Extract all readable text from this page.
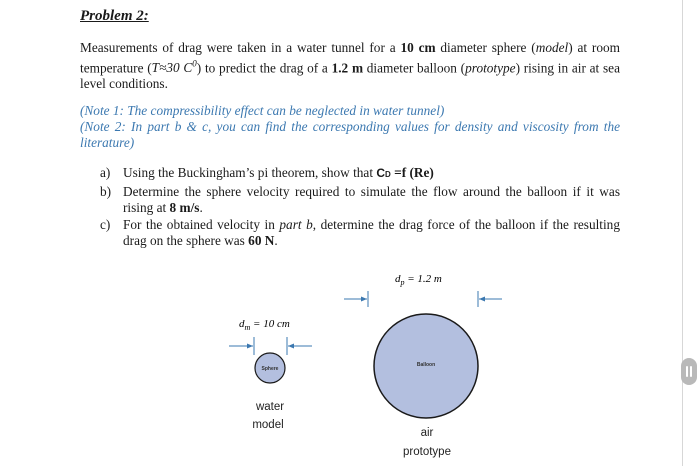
Problem 2:
Measurements of drag were taken in a water tunnel for a 10 cm diameter sphere (model) at room temperature (T≈30 $C^0$) to predict the drag of a 1.2 m diameter balloon (prototype) rising in air at sea level conditions.
(Note 1: The compressibility effect can be neglected in water tunnel)
(Note 2: In part b & c, you can find the corresponding values for density and viscosity from the literature)
a) Using the Buckingham’s pi theorem, show that CD =f (Re)
b) Determine the sphere velocity required to simulate the flow around the balloon if it was rising at 8 m/s.
c) For the obtained velocity in part b, determine the drag force of the balloon if the resulting drag on the sphere was 60 N.
$d_p = 1.2$ m
$d_m = 10$ cm
Sphere
Balloon
water
model
air
prototype
